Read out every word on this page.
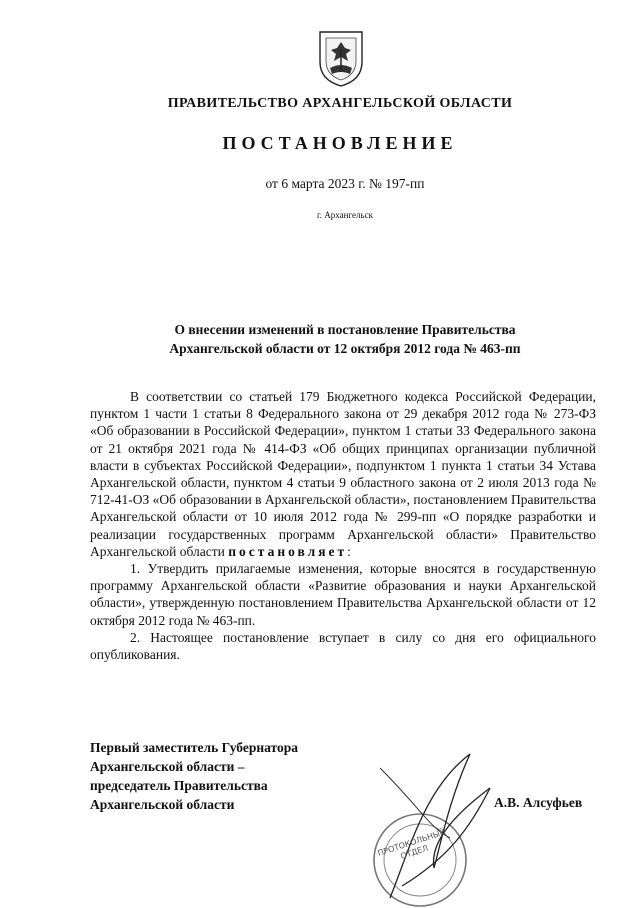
ПРАВИТЕЛЬСТВО АРХАНГЕЛЬСКОЙ ОБЛАСТИ
ПОСТАНОВЛЕНИЕ
от 6 марта 2023 г. № 197-пп
г. Архангельск
О внесении изменений в постановление Правительства
Архангельской области от 12 октября 2012 года № 463-пп

В соответствии со статьей 179 Бюджетного кодекса Российской Федерации, пунктом 1 части 1 статьи 8 Федерального закона от 29 декабря 2012 года № 273-ФЗ «Об образовании в Российской Федерации», пунктом 1 статьи 33 Федерального закона от 21 октября 2021 года № 414-ФЗ «Об общих принципах организации публичной власти в субъектах Российской Федерации», подпунктом 1 пункта 1 статьи 34 Устава Архангельской области, пунктом 4 статьи 9 областного закона от 2 июля 2013 года № 712-41-ОЗ «Об образовании в Архангельской области», постановлением Правительства Архангельской области от 10 июля 2012 года № 299-пп «О порядке разработки и реализации государственных программ Архангельской области» Правительство Архангельской области постановляет:

1. Утвердить прилагаемые изменения, которые вносятся в государственную программу Архангельской области «Развитие образования и науки Архангельской области», утвержденную постановлением Правительства Архангельской области от 12 октября 2012 года № 463-пп.

2. Настоящее постановление вступает в силу со дня его официального опубликования.

ПРОТОКОЛЬНЫЙ ОТДЕЛ
Первый заместитель Губернатора
Архангельской области –
председатель Правительства
Архангельской области	А.В. Алсуфьев
